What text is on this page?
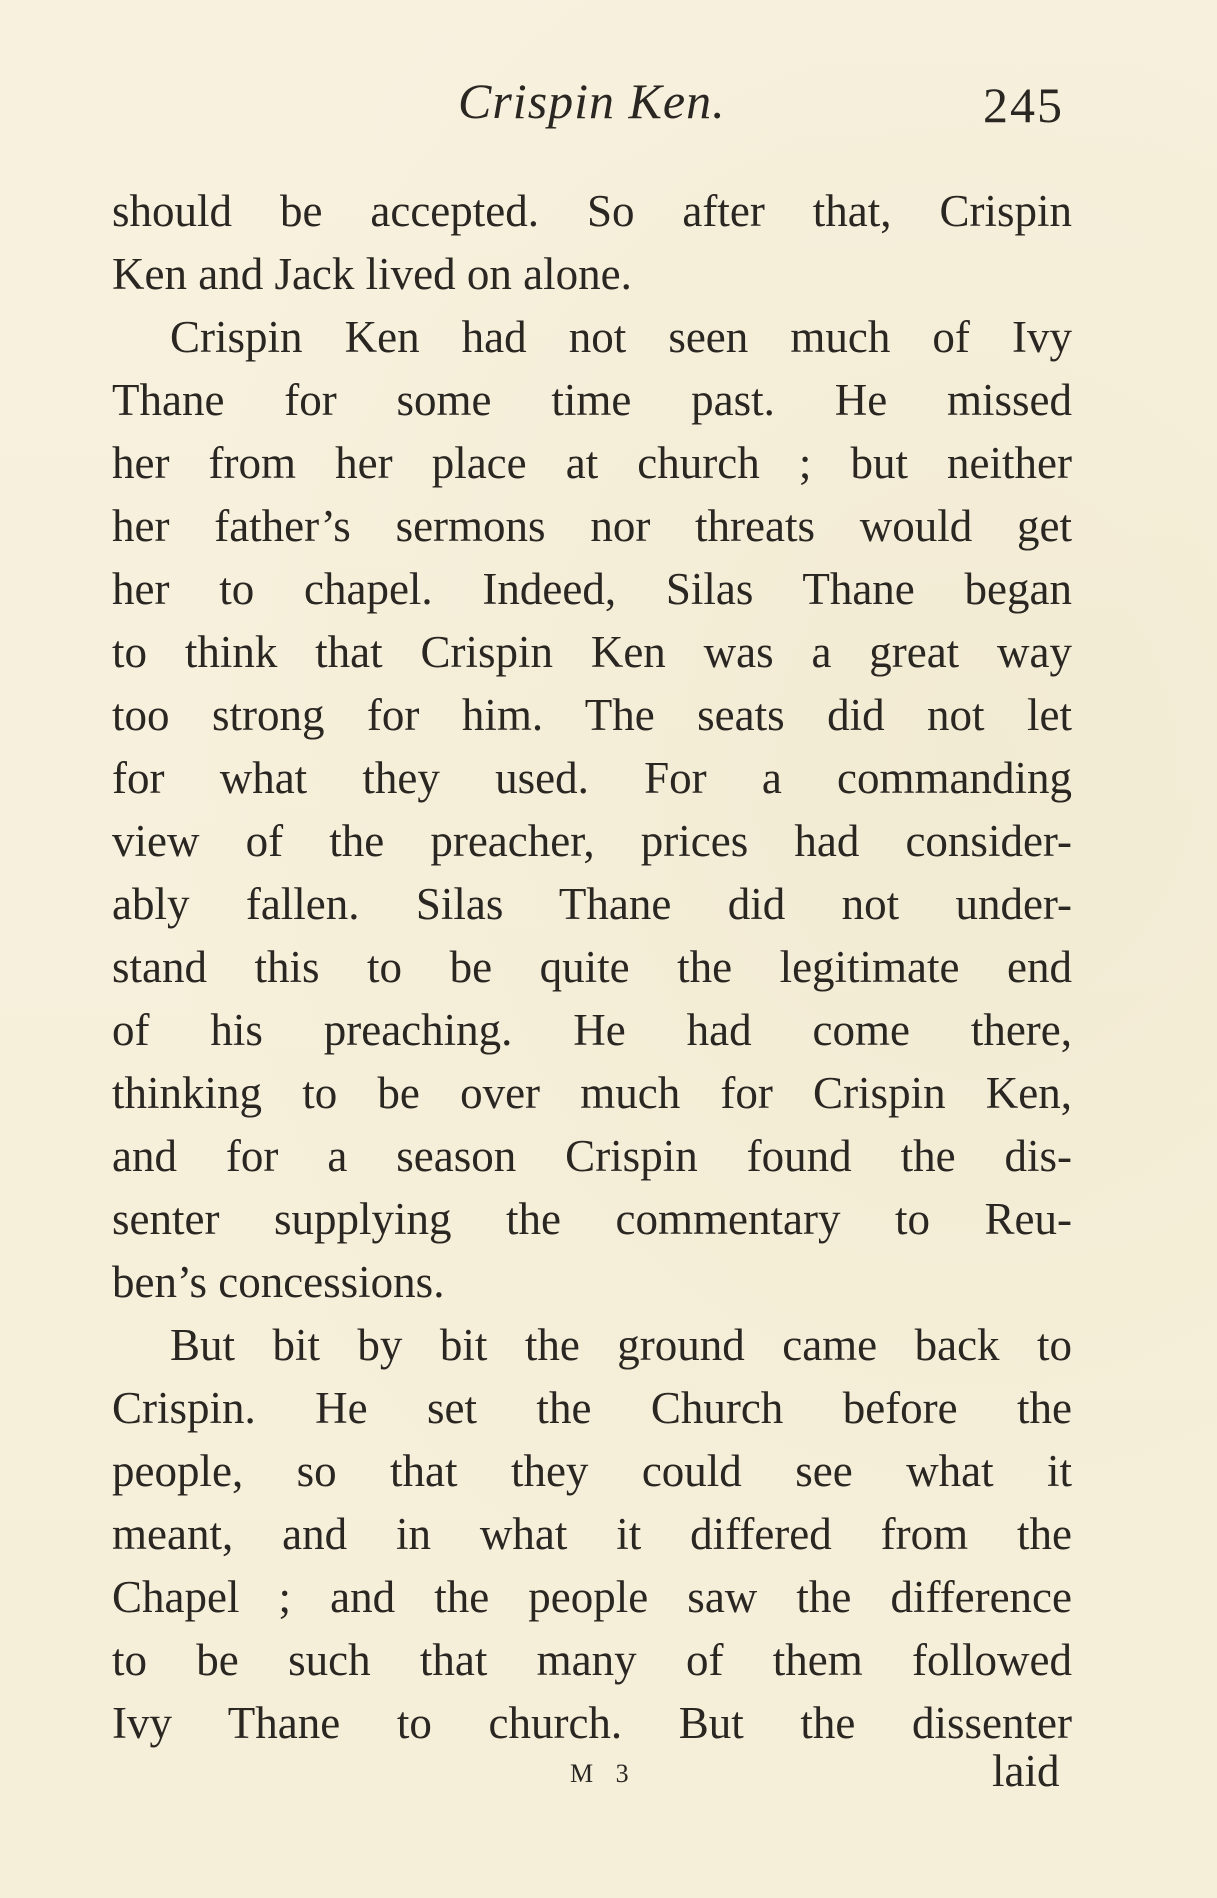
Crispin Ken.	245
should be accepted. So after that, Crispin
Ken and Jack lived on alone.
Crispin Ken had not seen much of Ivy
Thane for some time past. He missed
her from her place at church ; but neither
her father’s sermons nor threats would get
her to chapel. Indeed, Silas Thane began
to think that Crispin Ken was a great way
too strong for him. The seats did not let
for what they used. For a commanding
view of the preacher, prices had consider-
ably fallen. Silas Thane did not under-
stand this to be quite the legitimate end
of his preaching. He had come there,
thinking to be over much for Crispin Ken,
and for a season Crispin found the dis-
senter supplying the commentary to Reu-
ben’s concessions.
But bit by bit the ground came back to
Crispin. He set the Church before the
people, so that they could see what it
meant, and in what it differed from the
Chapel ; and the people saw the difference
to be such that many of them followed
Ivy Thane to church. But the dissenter
M 3	laid
